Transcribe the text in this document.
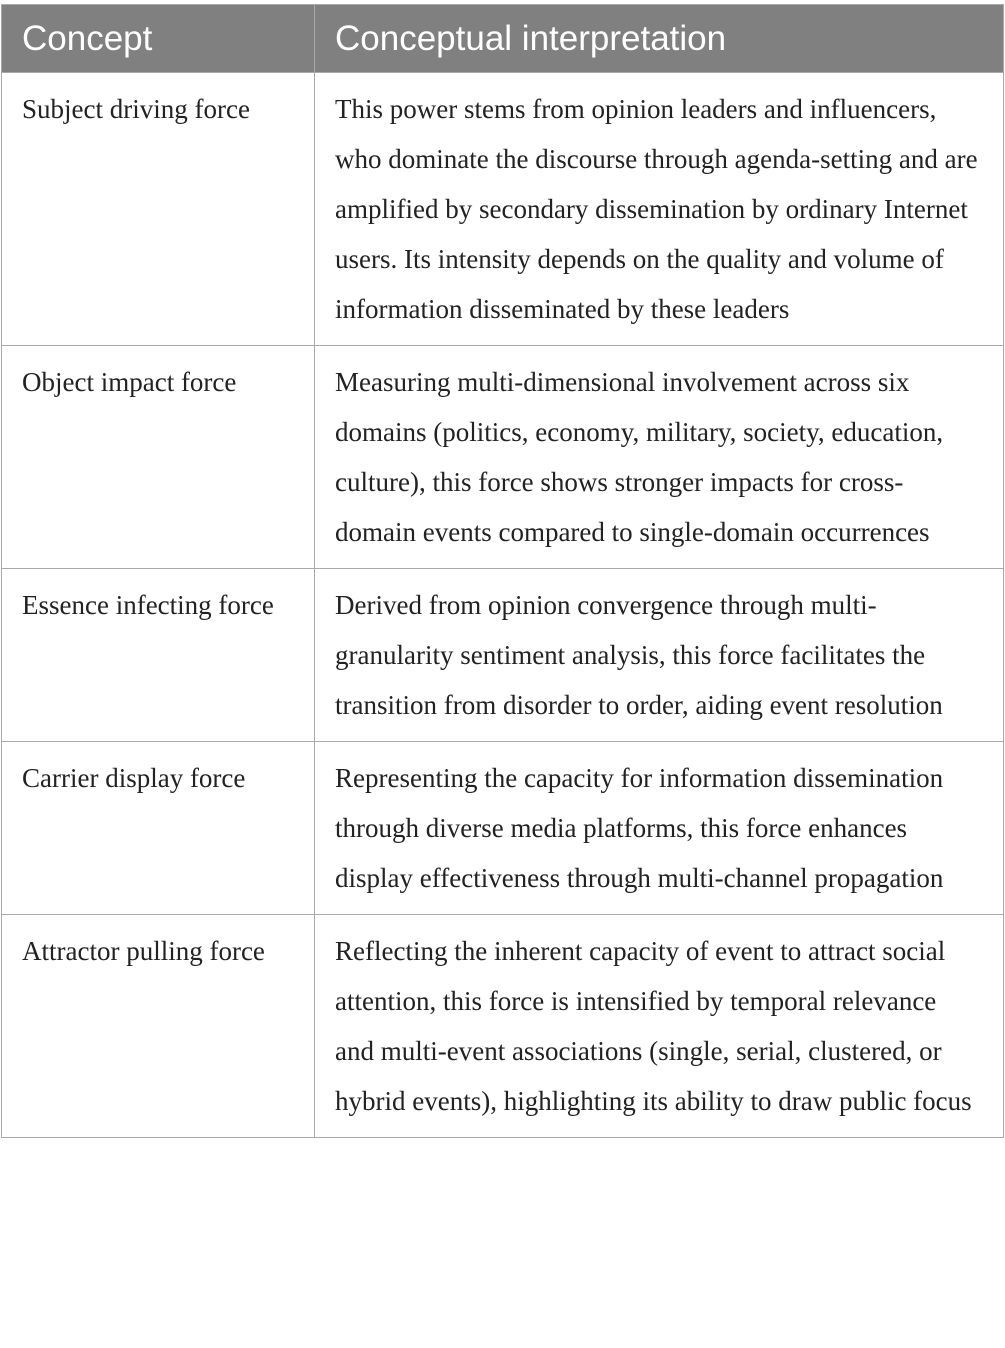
Concept	Conceptual interpretation
Subject driving force	This power stems from opinion leaders and influencers, who dominate the discourse through agenda-setting and are amplified by secondary dissemination by ordinary Internet users. Its intensity depends on the quality and volume of information disseminated by these leaders
Object impact force	Measuring multi-dimensional involvement across six domains (politics, economy, military, society, education, culture), this force shows stronger impacts for cross-domain events compared to single-domain occurrences
Essence infecting force	Derived from opinion convergence through multi-granularity sentiment analysis, this force facilitates the transition from disorder to order, aiding event resolution
Carrier display force	Representing the capacity for information dissemination through diverse media platforms, this force enhances display effectiveness through multi-channel propagation
Attractor pulling force	Reflecting the inherent capacity of event to attract social attention, this force is intensified by temporal relevance and multi-event associations (single, serial, clustered, or hybrid events), highlighting its ability to draw public focus
